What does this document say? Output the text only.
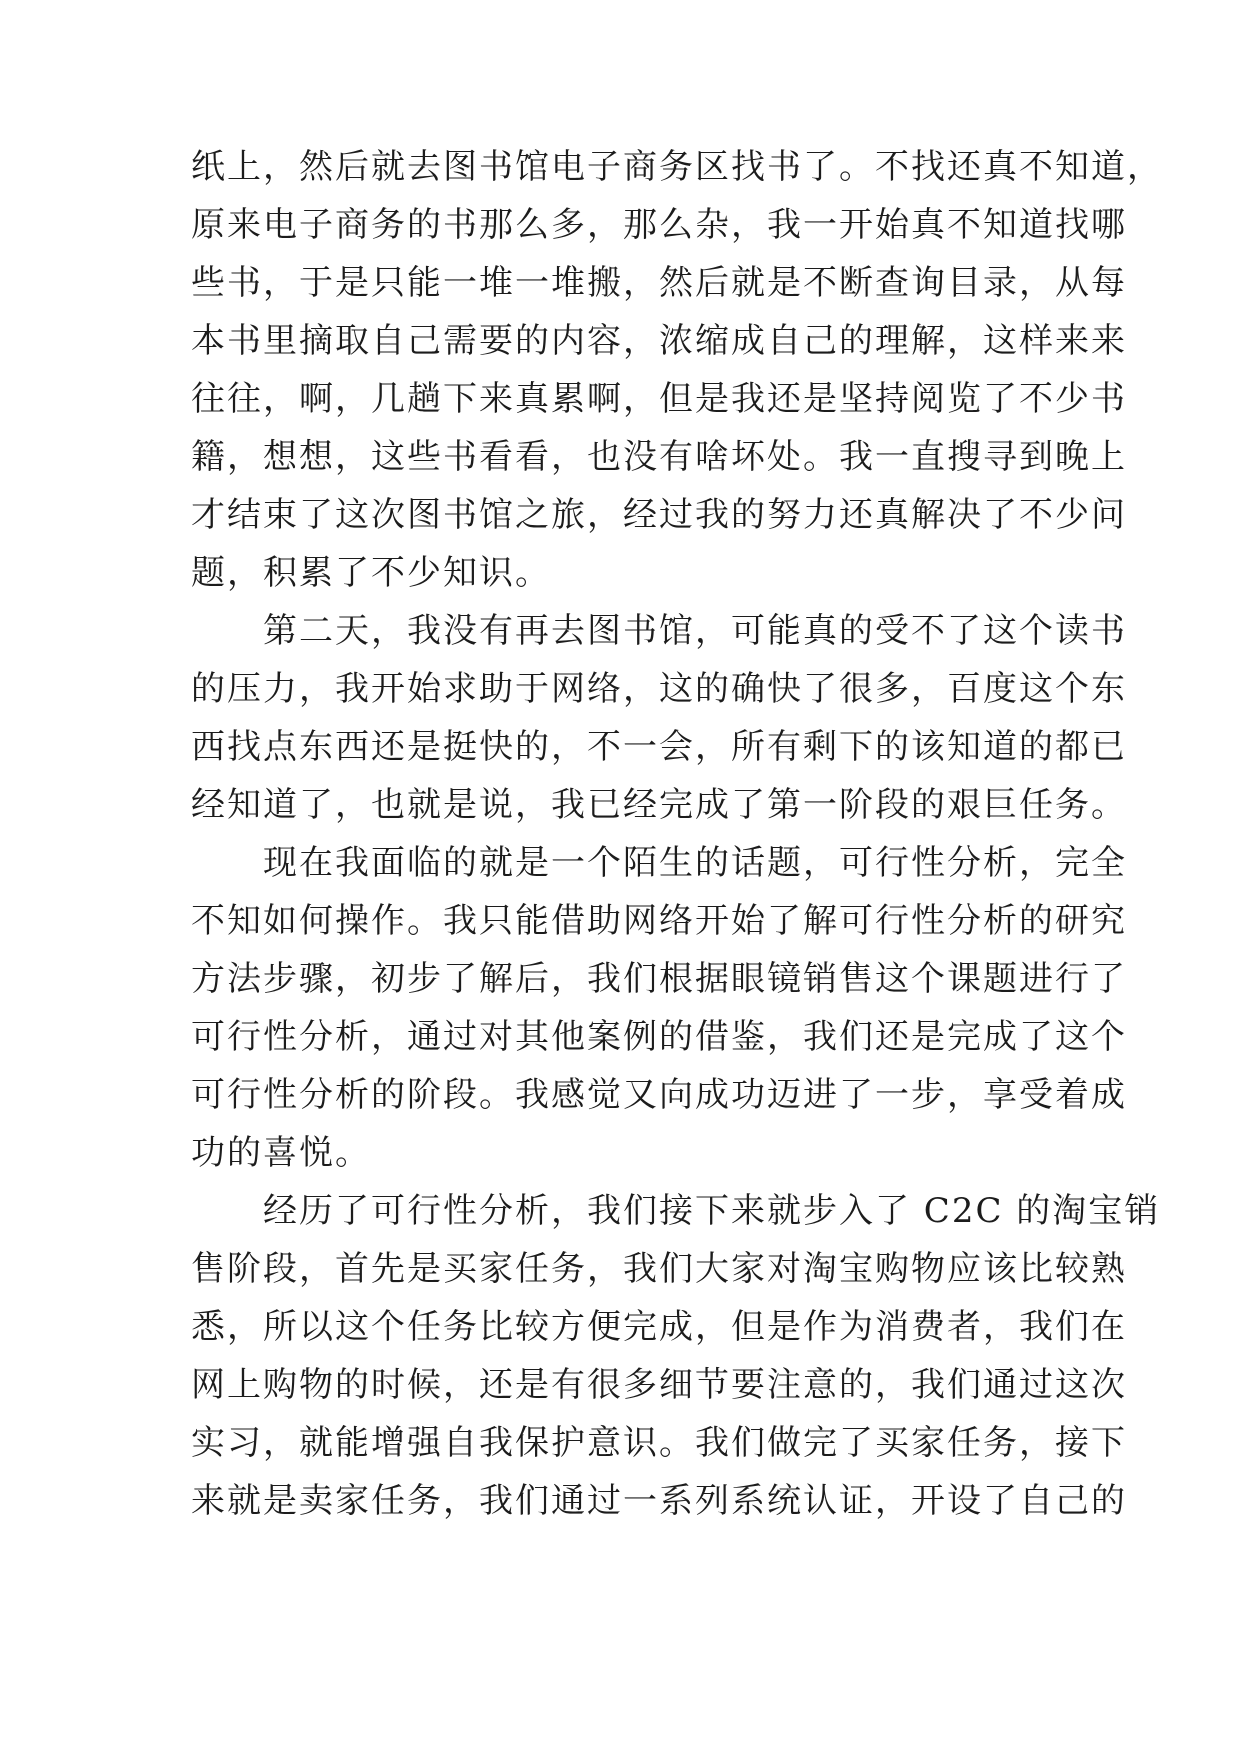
纸上，然后就去图书馆电子商务区找书了。不找还真不知道，
原来电子商务的书那么多，那么杂，我一开始真不知道找哪
些书，于是只能一堆一堆搬，然后就是不断查询目录，从每
本书里摘取自己需要的内容，浓缩成自己的理解，这样来来
往往，啊，几趟下来真累啊，但是我还是坚持阅览了不少书
籍，想想，这些书看看，也没有啥坏处。我一直搜寻到晚上
才结束了这次图书馆之旅，经过我的努力还真解决了不少问
题，积累了不少知识。
第二天，我没有再去图书馆，可能真的受不了这个读书
的压力，我开始求助于网络，这的确快了很多，百度这个东
西找点东西还是挺快的，不一会，所有剩下的该知道的都已
经知道了，也就是说，我已经完成了第一阶段的艰巨任务。
现在我面临的就是一个陌生的话题，可行性分析，完全
不知如何操作。我只能借助网络开始了解可行性分析的研究
方法步骤，初步了解后，我们根据眼镜销售这个课题进行了
可行性分析，通过对其他案例的借鉴，我们还是完成了这个
可行性分析的阶段。我感觉又向成功迈进了一步，享受着成
功的喜悦。
经历了可行性分析，我们接下来就步入了 C2C 的淘宝销
售阶段，首先是买家任务，我们大家对淘宝购物应该比较熟
悉，所以这个任务比较方便完成，但是作为消费者，我们在
网上购物的时候，还是有很多细节要注意的，我们通过这次
实习，就能增强自我保护意识。我们做完了买家任务，接下
来就是卖家任务，我们通过一系列系统认证，开设了自己的
